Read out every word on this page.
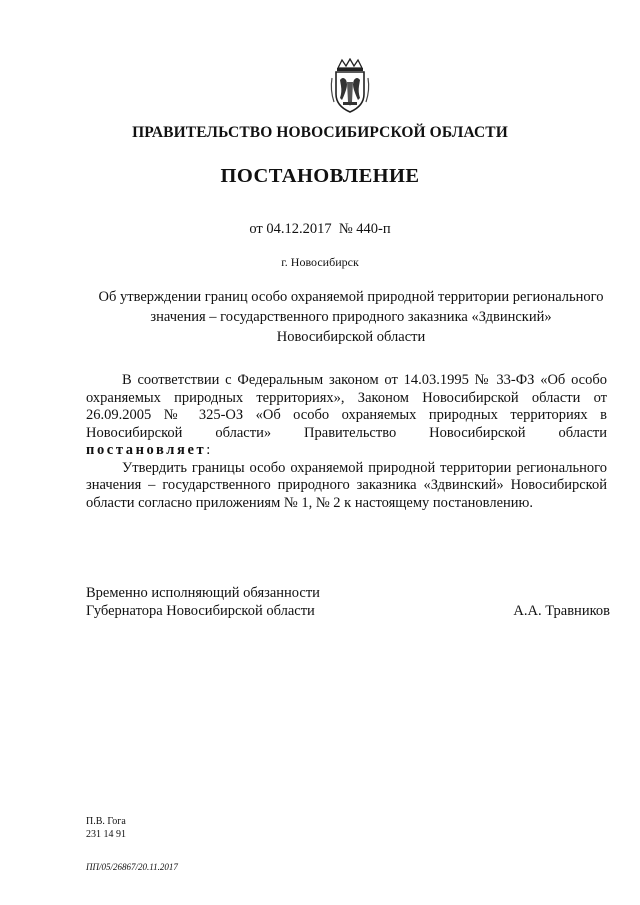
ПРАВИТЕЛЬСТВО НОВОСИБИРСКОЙ ОБЛАСТИ
ПОСТАНОВЛЕНИЕ
от 04.12.2017  № 440-п
г. Новосибирск
Об утверждении границ особо охраняемой природной территории регионального
значения – государственного природного заказника «Здвинский»
Новосибирской области

В соответствии с Федеральным законом от 14.03.1995 № 33-ФЗ «Об особо охраняемых природных территориях», Законом Новосибирской области от 26.09.2005 № 325-ОЗ «Об особо охраняемых природных территориях в Новосибирской области» Правительство Новосибирской области постановляет:

Утвердить границы особо охраняемой природной территории регионального значения – государственного природного заказника «Здвинский» Новосибирской области согласно приложениям № 1, № 2 к настоящему постановлению.

Временно исполняющий обязанности
Губернатора Новосибирской области	А.А. Травников
П.В. Гога
231 14 91
ПП/05/26867/20.11.2017
